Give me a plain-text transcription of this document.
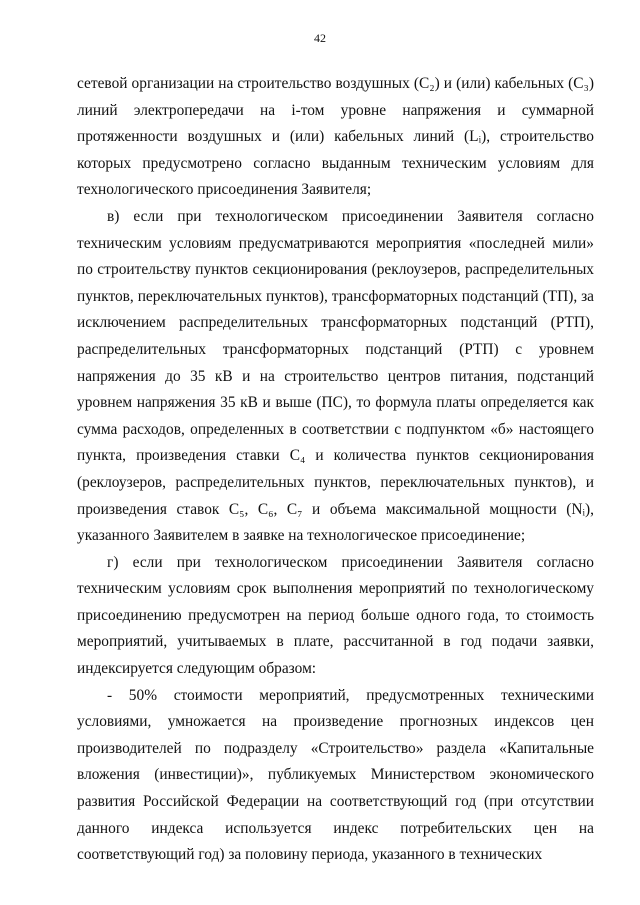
42

сетевой организации на строительство воздушных (C₂) и (или) кабельных (C₃) линий электропередачи на i-том уровне напряжения и суммарной протяженности воздушных и (или) кабельных линий (Lᵢ), строительство которых предусмотрено согласно выданным техническим условиям для технологического присоединения Заявителя;

в) если при технологическом присоединении Заявителя согласно техническим условиям предусматриваются мероприятия «последней мили» по строительству пунктов секционирования (реклоузеров, распределительных пунктов, переключательных пунктов), трансформаторных подстанций (ТП), за исключением распределительных трансформаторных подстанций (РТП), распределительных трансформаторных подстанций (РТП) с уровнем напряжения до 35 кВ и на строительство центров питания, подстанций уровнем напряжения 35 кВ и выше (ПС), то формула платы определяется как сумма расходов, определенных в соответствии с подпунктом «б» настоящего пункта, произведения ставки C₄ и количества пунктов секционирования (реклоузеров, распределительных пунктов, переключательных пунктов), и произведения ставок C₅, C₆, C₇ и объема максимальной мощности (Nᵢ), указанного Заявителем в заявке на технологическое присоединение;

г) если при технологическом присоединении Заявителя согласно техническим условиям срок выполнения мероприятий по технологическому присоединению предусмотрен на период больше одного года, то стоимость мероприятий, учитываемых в плате, рассчитанной в год подачи заявки, индексируется следующим образом:

- 50% стоимости мероприятий, предусмотренных техническими условиями, умножается на произведение прогнозных индексов цен производителей по подразделу «Строительство» раздела «Капитальные вложения (инвестиции)», публикуемых Министерством экономического развития Российской Федерации на соответствующий год (при отсутствии данного индекса используется индекс потребительских цен на соответствующий год) за половину периода, указанного в технических
